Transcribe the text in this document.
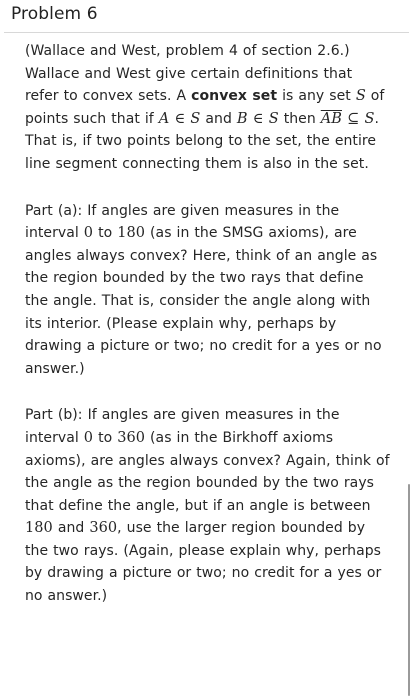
Problem 6

(Wallace and West, problem 4 of section 2.6.) Wallace and West give certain definitions that refer to convex sets. A convex set is any set S of points such that if A ∈ S and B ∈ S then $\overline{AB}$ ⊆ S. That is, if two points belong to the set, the entire line segment connecting them is also in the set.

Part (a): If angles are given measures in the interval 0 to 180 (as in the SMSG axioms), are angles always convex? Here, think of an angle as the region bounded by the two rays that define the angle. That is, consider the angle along with its interior. (Please explain why, perhaps by drawing a picture or two; no credit for a yes or no answer.)

Part (b): If angles are given measures in the interval 0 to 360 (as in the Birkhoff axioms axioms), are angles always convex? Again, think of the angle as the region bounded by the two rays that define the angle, but if an angle is between 180 and 360, use the larger region bounded by the two rays. (Again, please explain why, perhaps by drawing a picture or two; no credit for a yes or no answer.)
